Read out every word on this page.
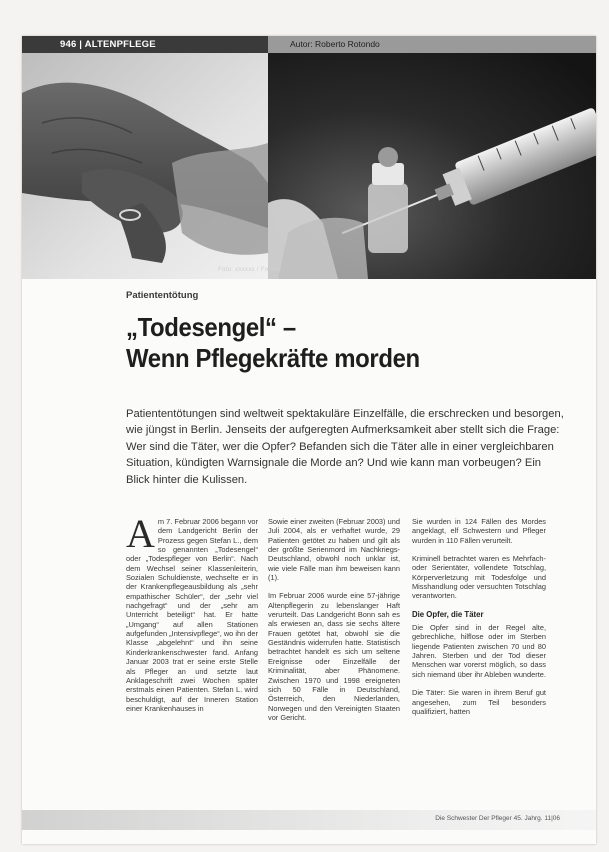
946 | ALTENPFLEGE	Autor: Roberto Rotondo
Foto: xxxxxx / Fotolia
Patiententötung
„Todesengel“ –
Wenn Pflegekräfte morden

Patiententötungen sind weltweit spektakuläre Einzelfälle, die erschrecken und besorgen, wie jüngst in Berlin. Jenseits der aufgeregten Aufmerksamkeit aber stellt sich die Frage: Wer sind die Täter, wer die Opfer? Befanden sich die Täter alle in einer vergleichbaren Situation, kündigten Warnsignale die Morde an? Und wie kann man vorbeugen? Ein Blick hinter die Kulissen.

Am 7. Februar 2006 begann vor dem Landgericht Berlin der Prozess gegen Stefan L., dem so genannten „Todesengel“ oder „Todespfleger von Berlin“. Nach dem Wechsel seiner Klassenleiterin, Sozialen Schuldienste, wechselte er in der Krankenpflegeausbildung als „sehr empathischer Schüler“, der „sehr viel nachgefragt“ und der „sehr am Unterricht beteiligt“ hat. Er hatte „Umgang“ auf allen Stationen aufgefunden „Intensivpflege“, wo ihn der Klasse „abgelehnt“ und ihn seine Kinderkrankenschwester fand. Anfang Januar 2003 trat er seine erste Stelle als Pfleger an und setzte laut Anklageschrift zwei Wochen später erstmals einen Patienten. Stefan L. wird beschuldigt, auf der Inneren Station einer Krankenhauses in

Sowie einer zweiten (Februar 2003) und Juli 2004, als er verhaftet wurde, 29 Patienten getötet zu haben und gilt als der größte Serienmord im Nachkriegs-Deutschland, obwohl noch unklar ist, wie viele Fälle man ihm beweisen kann (1).

Im Februar 2006 wurde eine 57-jährige Altenpflegerin zu lebenslanger Haft verurteilt. Das Landgericht Bonn sah es als erwiesen an, dass sie sechs ältere Frauen getötet hat, obwohl sie die Geständnis widerrufen hatte. Statistisch betrachtet handelt es sich um seltene Ereignisse oder Einzelfälle der Kriminalität, aber Phänomene. Zwischen 1970 und 1998 ereigneten sich 50 Fälle in Deutschland, Österreich, den Niederlanden, Norwegen und den Vereinigten Staaten vor Gericht.

Sie wurden in 124 Fällen des Mordes angeklagt, elf Schwestern und Pfleger wurden in 110 Fällen verurteilt.

Kriminell betrachtet waren es Mehrfach- oder Serientäter, vollendete Totschlag, Körperverletzung mit Todesfolge und Misshandlung oder versuchten Totschlag verantworten.

Die Opfer, die Täter

Die Opfer sind in der Regel alte, gebrechliche, hilflose oder im Sterben liegende Patienten zwischen 70 und 80 Jahren. Sterben und der Tod dieser Menschen war vorerst möglich, so dass sich niemand über ihr Ableben wunderte.

Die Täter: Sie waren in ihrem Beruf gut angesehen, zum Teil besonders qualifiziert, hatten

Die Schwester Der Pfleger 45. Jahrg. 11|06
